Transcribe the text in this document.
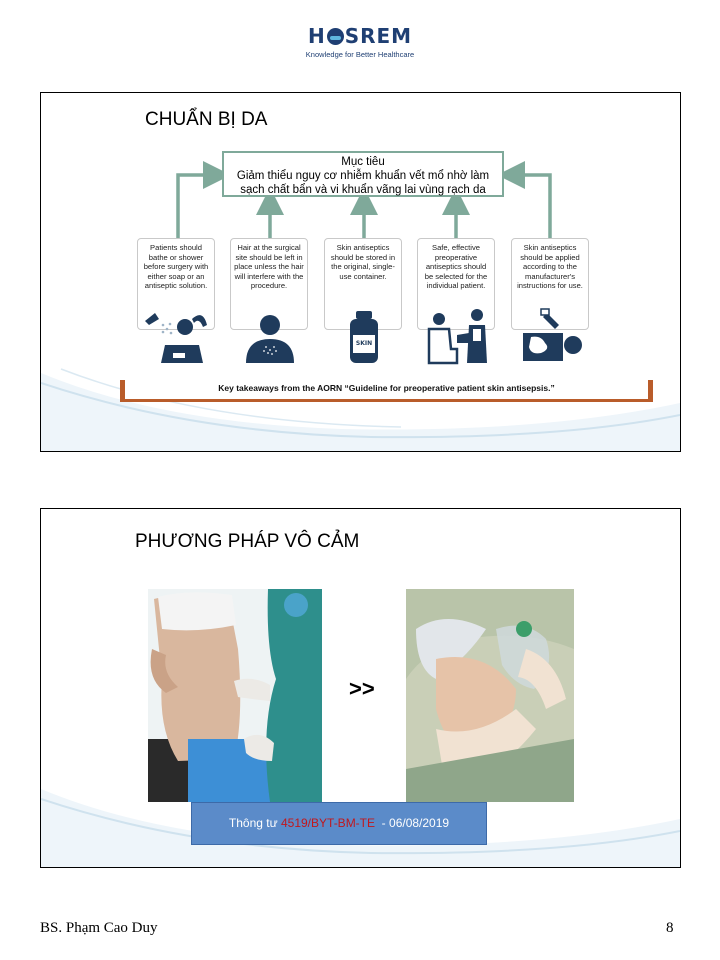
H SREM
Knowledge for Better Healthcare
CHUẨN BỊ DA
Mục tiêu
Giảm thiểu nguy cơ nhiễm khuẩn vết mổ nhờ làm
sạch chất bẩn và vi khuẩn vãng lai vùng rạch da
Patients should bathe or shower before surgery with either soap or an antiseptic solution.
Hair at the surgical site should be left in place unless the hair will interfere with the procedure.
Skin antiseptics should be stored in the original, single-use container.
Safe, effective preoperative antiseptics should be selected for the individual patient.
Skin antiseptics should be applied according to the manufacturer's instructions for use.
SKIN
Key takeaways from the AORN “Guideline for preoperative patient skin antisepsis.”
PHƯƠNG PHÁP VÔ CẢM
>>
Thông tư 4519/BYT-BM-TE  - 06/08/2019
BS. Phạm Cao Duy	8
